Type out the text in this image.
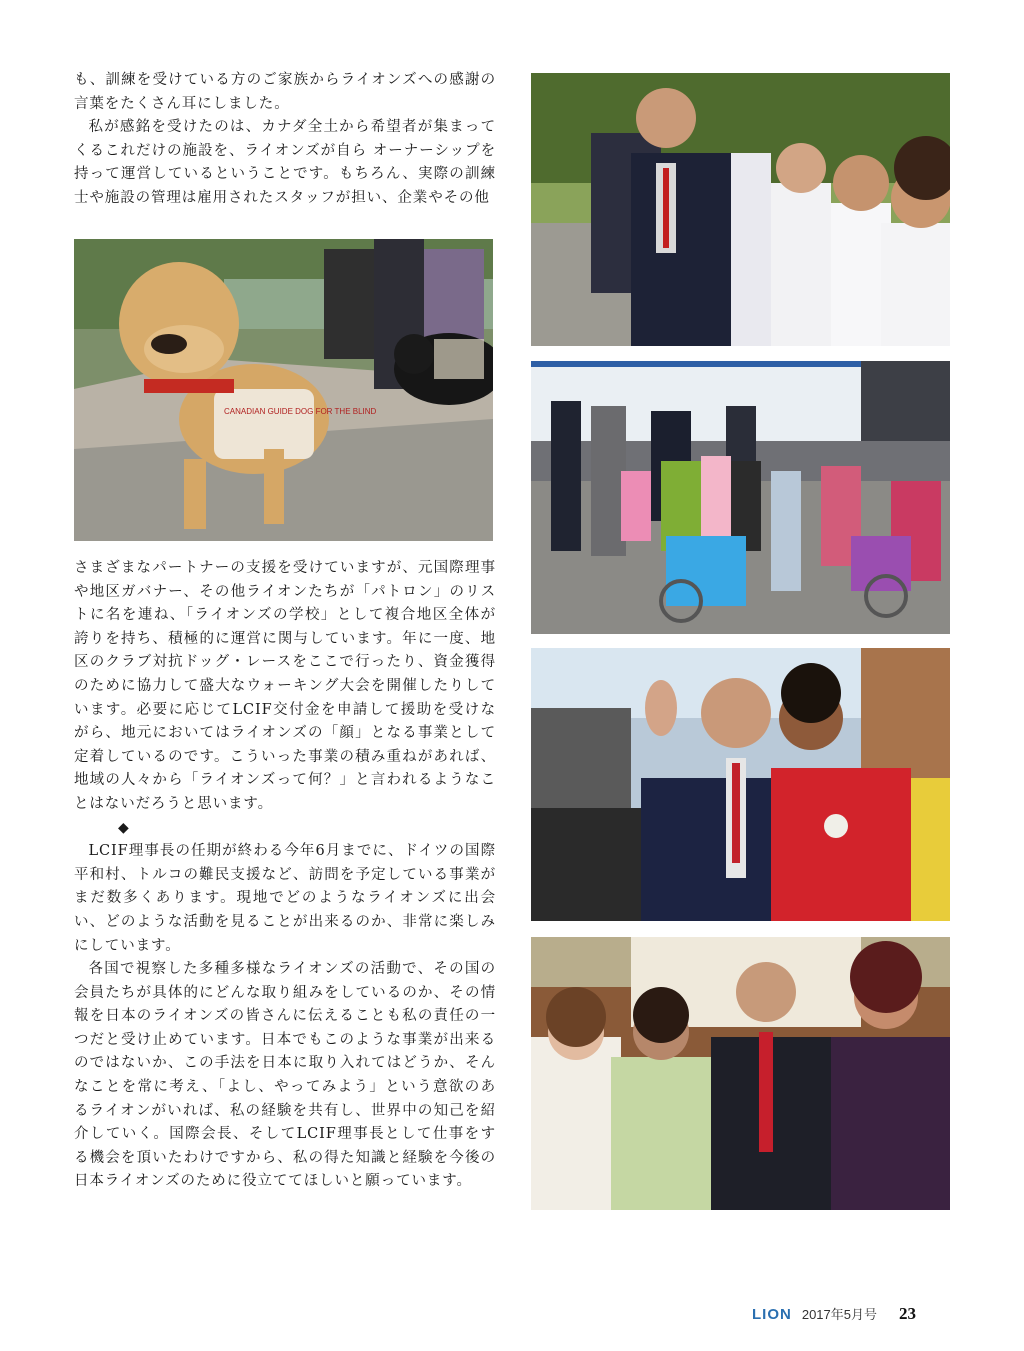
も、訓練を受けている方のご家族からライオンズへの感謝の言葉をたくさん耳にしました。

私が感銘を受けたのは、カナダ全土から希望者が集まってくるこれだけの施設を、ライオンズが自ら オーナーシップを持って運営しているということです。もちろん、実際の訓練士や施設の管理は雇用されたスタッフが担い、企業やその他

CANADIAN GUIDE DOG FOR THE BLIND

さまざまなパートナーの支援を受けていますが、元国際理事や地区ガバナー、その他ライオンたちが「パトロン」のリストに名を連ね、「ライオンズの学校」として複合地区全体が誇りを持ち、積極的に運営に関与しています。年に一度、地区のクラブ対抗ドッグ・レースをここで行ったり、資金獲得のために協力して盛大なウォーキング大会を開催したりしています。必要に応じてLCIF交付金を申請して援助を受けながら、地元においてはライオンズの「顔」となる事業として定着しているのです。こういった事業の積み重ねがあれば、地域の人々から「ライオンズって何？」と言われるようなことはないだろうと思います。

◆

LCIF理事長の任期が終わる今年6月までに、ドイツの国際平和村、トルコの難民支援など、訪問を予定している事業がまだ数多くあります。現地でどのようなライオンズに出会い、どのような活動を見ることが出来るのか、非常に楽しみにしています。

各国で視察した多種多様なライオンズの活動で、その国の会員たちが具体的にどんな取り組みをしているのか、その情報を日本のライオンズの皆さんに伝えることも私の責任の一つだと受け止めています。日本でもこのような事業が出来るのではないか、この手法を日本に取り入れてはどうか、そんなことを常に考え、「よし、やってみよう」という意欲のあるライオンがいれば、私の経験を共有し、世界中の知己を紹介していく。国際会長、そしてLCIF理事長として仕事をする機会を頂いたわけですから、私の得た知識と経験を今後の日本ライオンズのために役立ててほしいと願っています。

LION 2017年5月号 23
